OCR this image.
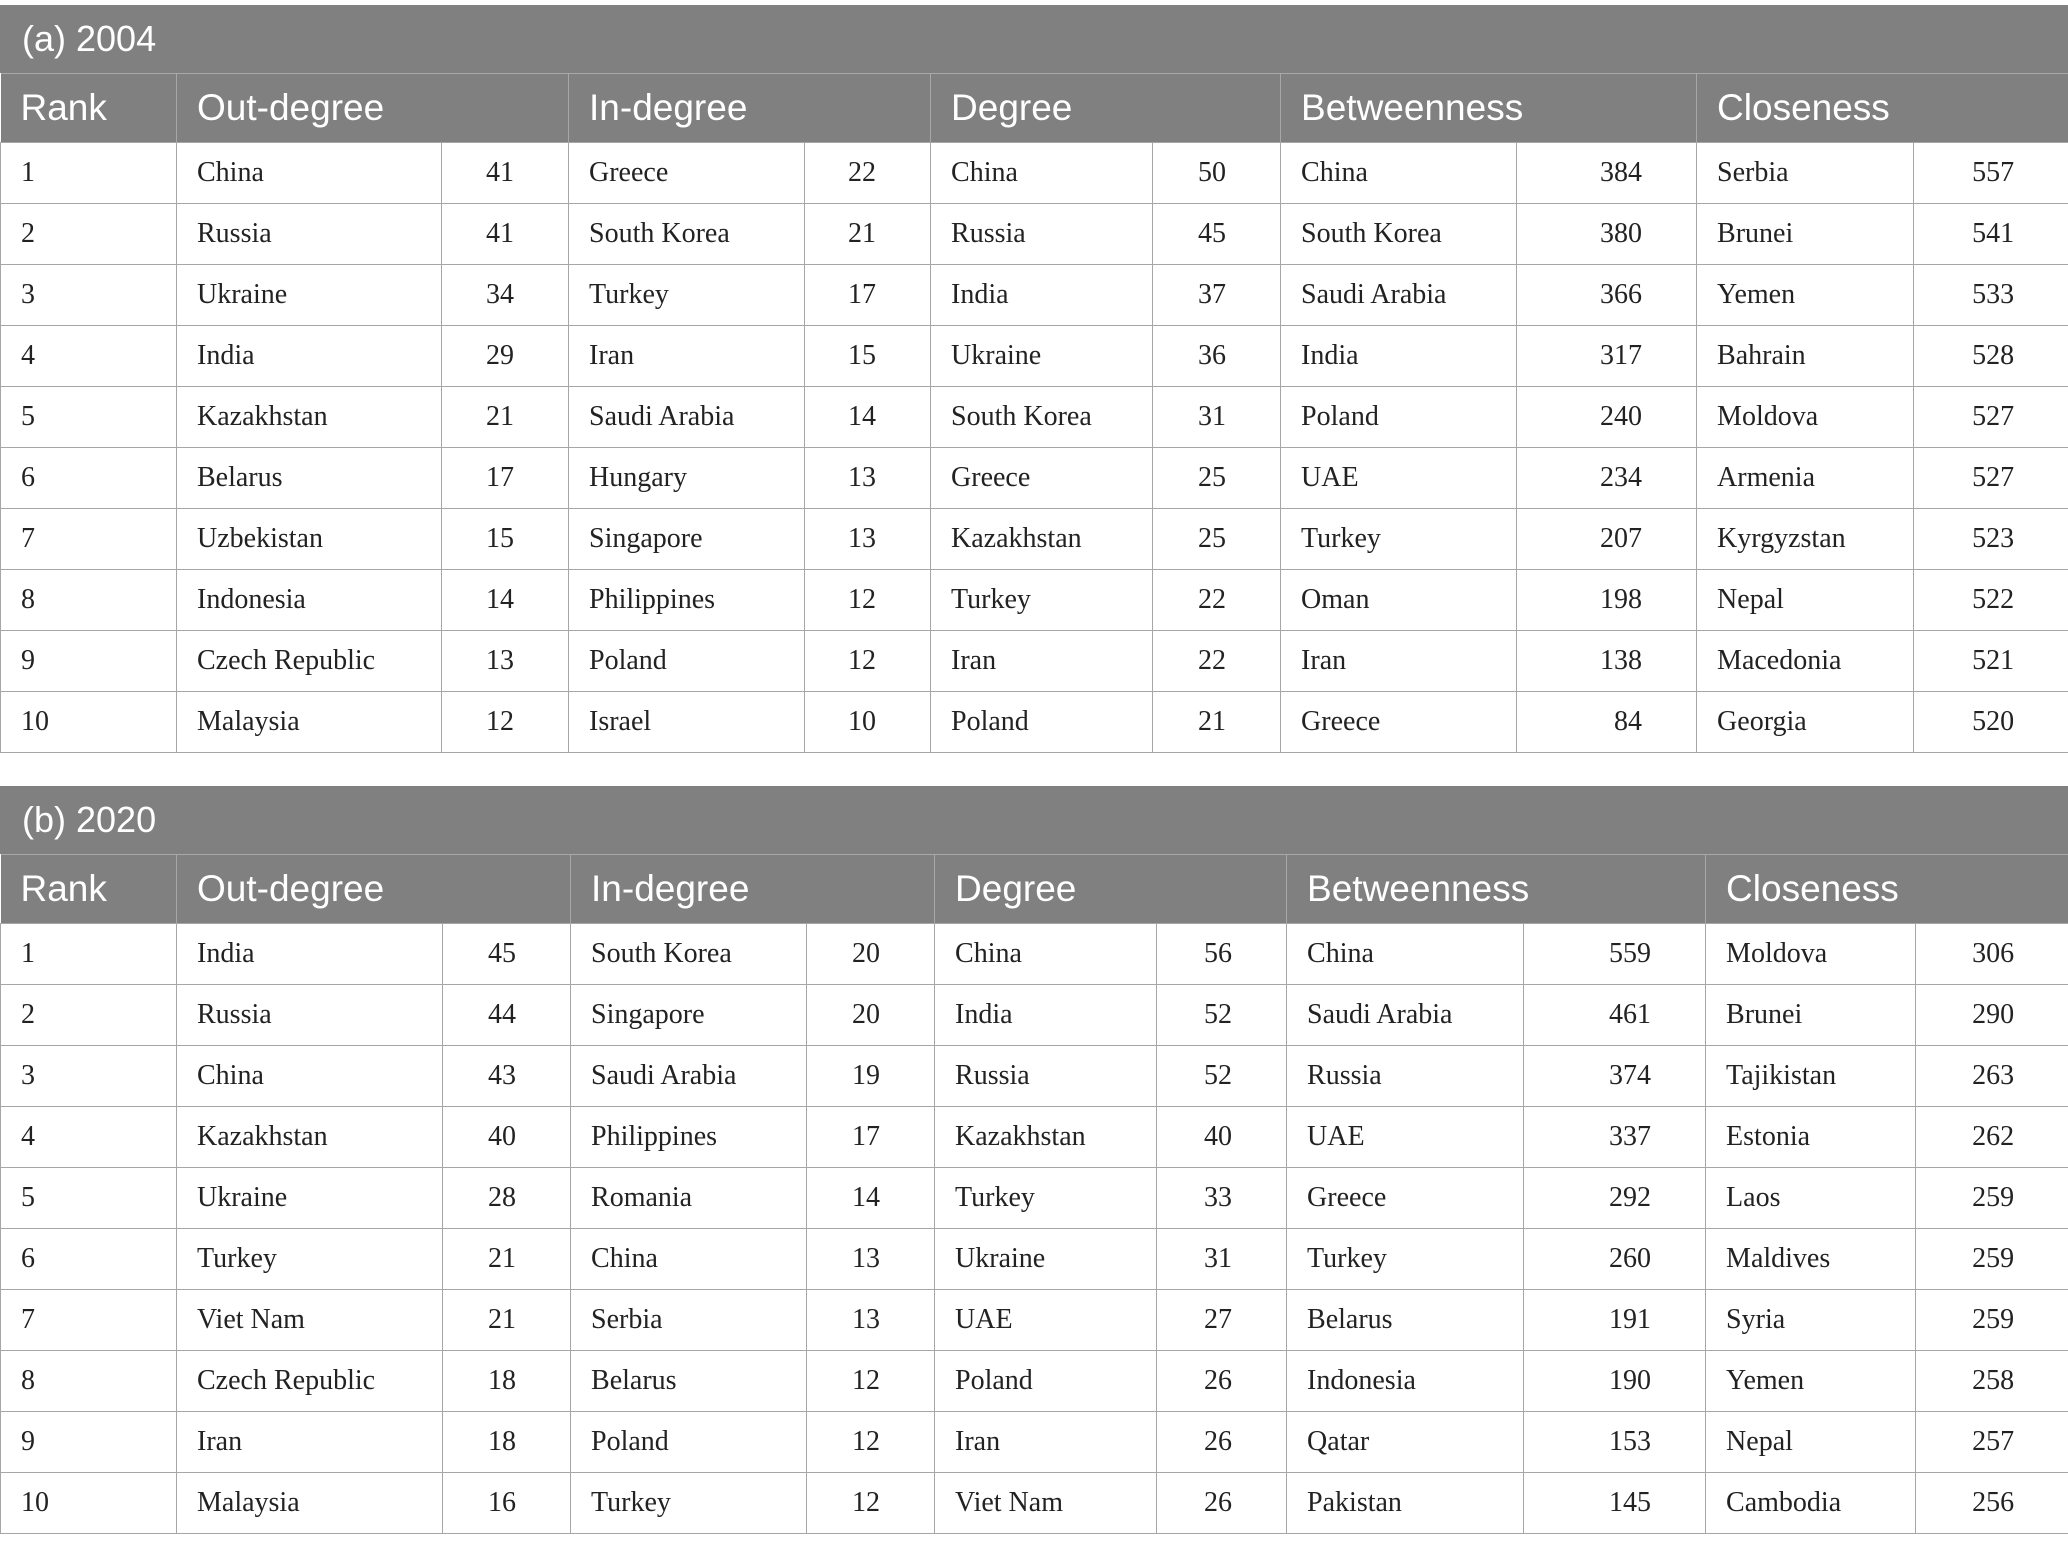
(a) 2004
Rank	Out-degree		In-degree		Degree		Betweenness		Closeness	
1	China	41	Greece	22	China	50	China	384	Serbia	557
2	Russia	41	South Korea	21	Russia	45	South Korea	380	Brunei	541
3	Ukraine	34	Turkey	17	India	37	Saudi Arabia	366	Yemen	533
4	India	29	Iran	15	Ukraine	36	India	317	Bahrain	528
5	Kazakhstan	21	Saudi Arabia	14	South Korea	31	Poland	240	Moldova	527
6	Belarus	17	Hungary	13	Greece	25	UAE	234	Armenia	527
7	Uzbekistan	15	Singapore	13	Kazakhstan	25	Turkey	207	Kyrgyzstan	523
8	Indonesia	14	Philippines	12	Turkey	22	Oman	198	Nepal	522
9	Czech Republic	13	Poland	12	Iran	22	Iran	138	Macedonia	521
10	Malaysia	12	Israel	10	Poland	21	Greece	84	Georgia	520
(b) 2020
Rank	Out-degree		In-degree		Degree		Betweenness		Closeness	
1	India	45	South Korea	20	China	56	China	559	Moldova	306
2	Russia	44	Singapore	20	India	52	Saudi Arabia	461	Brunei	290
3	China	43	Saudi Arabia	19	Russia	52	Russia	374	Tajikistan	263
4	Kazakhstan	40	Philippines	17	Kazakhstan	40	UAE	337	Estonia	262
5	Ukraine	28	Romania	14	Turkey	33	Greece	292	Laos	259
6	Turkey	21	China	13	Ukraine	31	Turkey	260	Maldives	259
7	Viet Nam	21	Serbia	13	UAE	27	Belarus	191	Syria	259
8	Czech Republic	18	Belarus	12	Poland	26	Indonesia	190	Yemen	258
9	Iran	18	Poland	12	Iran	26	Qatar	153	Nepal	257
10	Malaysia	16	Turkey	12	Viet Nam	26	Pakistan	145	Cambodia	256
